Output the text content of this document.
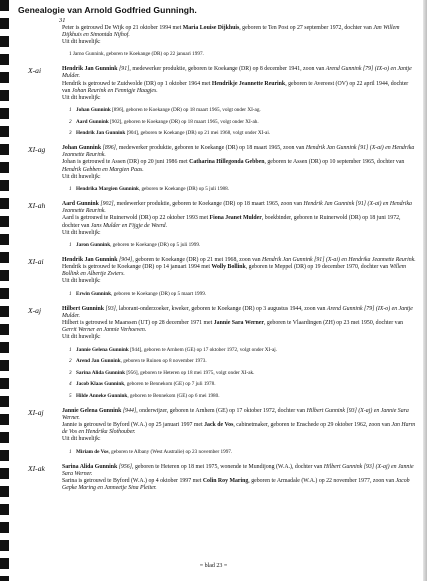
Genealogie van Arnold Godfried Gunningh.
31

Peter is getrouwd De Wijk op 21 oktober 1994 met Maria Louise Dijkhuis, geboren te Ten Post op 27 september 1972, dochter van Jan Willem Dijkhuis en Simontda Nijhof.

Uit dit huwelijk:

1 Jarno Gunnink, geboren te Koekange (DR) op 22 januari 1997.

X-ai	Hendrik Jan Gunnink [91], medewerker produktie, geboren te Koekange (DR) op 8 december 1941, zoon van Arend Gunnink [79] (IX-o) en Jantje Mulder.

Hendrik is getrouwd te Zuidwolde (DR) op 1 oktober 1964 met Hendrikje Jeannette Reurink, geboren te Avereest (OV) op 22 april 1944, dochter van Johan Reurink en Fennigje Haagjes.

Uit dit huwelijk:

1 Johan Gunnink [896], geboren te Koekange (DR) op 18 maart 1965, volgt onder XI-ag.

2 Aard Gunnink [902], geboren te Koekange (DR) op 18 maart 1965, volgt onder XI-ah.

3 Hendrik Jan Gunnink [904], geboren te Koekange (DR) op 21 mei 1968, volgt onder XI-ai.

XI-ag	Johan Gunnink [896], medewerker produktie, geboren te Koekange (DR) op 18 maart 1965, zoon van Hendrik Jan Gunnink [91] (X-ai) en Hendrika Jeannette Reurink.

Johan is getrouwd te Assen (DR) op 20 juni 1986 met Catharina Hillegonda Gebben, geboren te Assen (DR) op 10 september 1965, dochter van Hendrik Gebben en Margien Paas.

Uit dit huwelijk:

1 Hendrika Margien Gunnink, geboren te Koekange (DR) op 5 juli 1988.

XI-ah	Aard Gunnink [902], medewerker produktie, geboren te Koekange (DR) op 18 maart 1965, zoon van Hendrik Jan Gunnink [91] (X-ai) en Hendrika Jeannette Reurink.

Aard is getrouwd te Ruinerwold (DR) op 22 oktober 1993 met Fiona Jeanet Mulder, boekbinder, geboren te Ruinerwold (DR) op 18 juni 1972, dochter van Jans Mulder en Fijgje de Weerd.

Uit dit huwelijk:

1 Jaron Gunnink, geboren te Koekange (DR) op 5 juli 1999.

XI-ai	Hendrik Jan Gunnink [904], geboren te Koekange (DR) op 21 mei 1968, zoon van Hendrik Jan Gunnink [91] (X-ai) en Hendrika Jeannette Reurink.

Hendrik is getrouwd te Koekange (DR) op 14 januari 1994 met Wolly Bollink, geboren te Meppel (DR) op 19 december 1970, dochter van Willem Bollink en Albertje Zwiers.

Uit dit huwelijk:

1 Erwin Gunnink, geboren te Koekange (DR) op 5 maart 1999.

X-aj	Hilbert Gunnink [93], laborant-onderzoeker, kweker, geboren te Koekange (DR) op 3 augustus 1944, zoon van Arend Gunnink [79] (IX-o) en Jantje Mulder.

Hilbert is getrouwd te Maarssen (UT) op 28 december 1971 met Jannie Sara Werner, geboren te Vlaardingen (ZH) op 23 mei 1950, dochter van Gerrit Werner en Jannie Verhoeven.

Uit dit huwelijk:

1 Jannie Gelena Gunnink [944], geboren te Arnhem (GE) op 17 oktober 1972, volgt onder XI-aj.

2 Arend Jan Gunnink, geboren te Ruinen op 8 november 1973.

3 Sarina Alida Gunnink [956], geboren te Heteren op 18 mei 1975, volgt onder XI-ak.

4 Jacob Klaas Gunnink, geboren te Bennekom (GE) op 7 juli 1978.

5 Hilde Anneke Gunnink, geboren te Bennekom (GE) op 6 mei 1980.

XI-aj	Jannie Gelena Gunnink [944], onderwijzer, geboren te Arnhem (GE) op 17 oktober 1972, dochter van Hilbert Gunnink [93] (X-aj) en Jannie Sara Werner.

Jannie is getrouwd te Byford (W.A.) op 25 januari 1997 met Jack de Vos, cabinetmaker, geboren te Enschede op 29 oktober 1962, zoon van Jan Harm de Vos en Hendrika Slothouber.

Uit dit huwelijk:

1 Miriam de Vos, geboren te Albany (West Australie) op 23 november 1997.

XI-ak	Sarina Alida Gunnink [956], geboren te Heteren op 18 mei 1975, wonende te Mundijong (W.A.), dochter van Hilbert Gunnink [93] (X-aj) en Jannie Sara Werner.

Sarina is getrouwd te Byford (W.A.) op 4 oktober 1997 met Colin Roy Maring, geboren te Armadale (W.A.) op 22 november 1977, zoon van Jacob Gepke Maring en Janneetje Sina Pleiter.

= blad 23 =
